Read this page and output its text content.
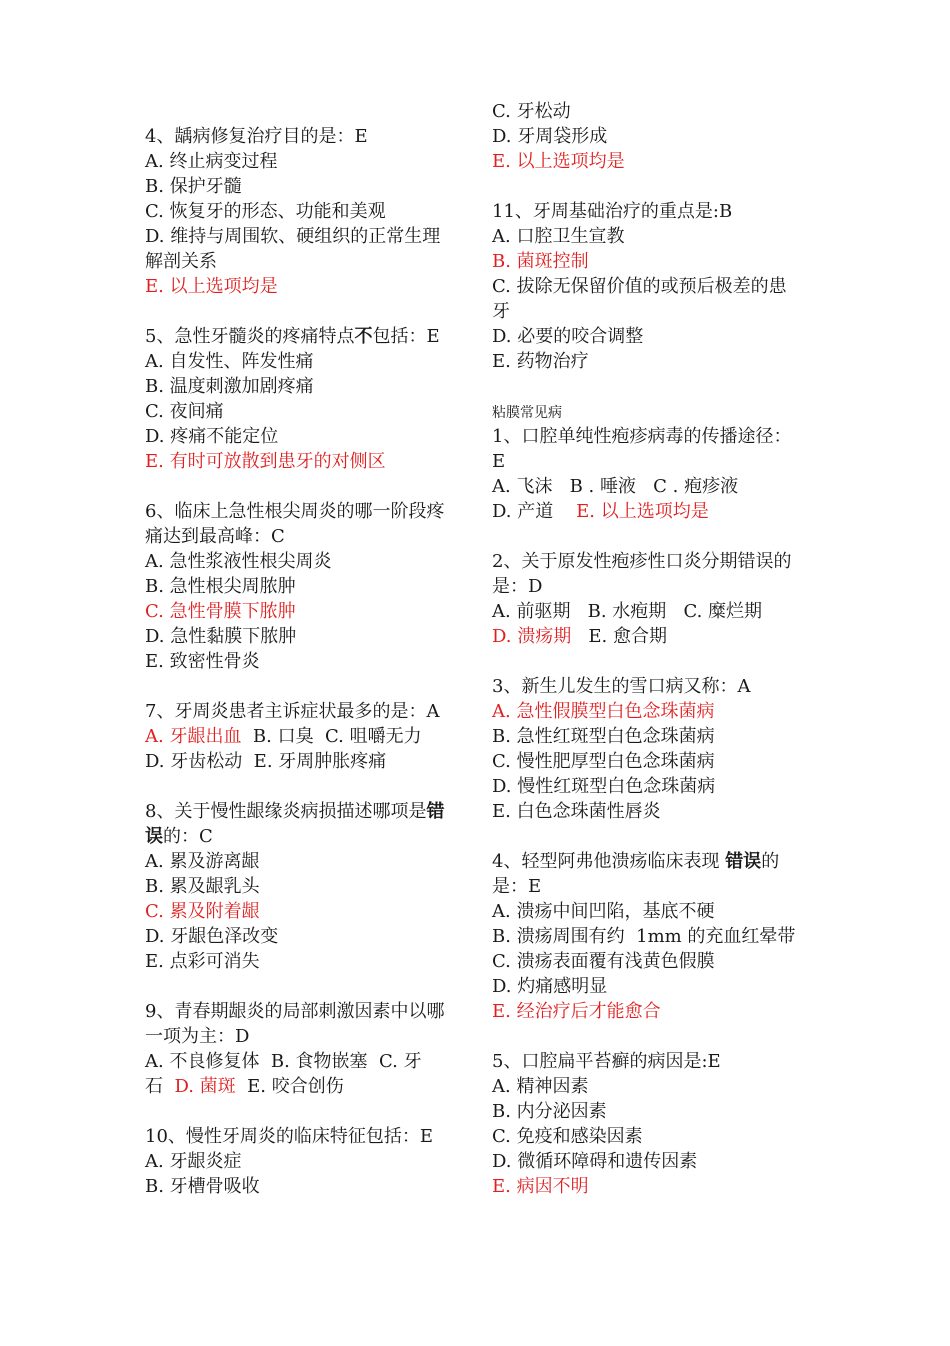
4、龋病修复治疗目的是：E
A. 终止病变过程
B. 保护牙髓
C. 恢复牙的形态、功能和美观
D. 维持与周围软、硬组织的正常生理
解剖关系
E. 以上选项均是
5、急性牙髓炎的疼痛特点不包括：E
A. 自发性、阵发性痛
B. 温度刺激加剧疼痛
C. 夜间痛
D. 疼痛不能定位
E. 有时可放散到患牙的对侧区
6、临床上急性根尖周炎的哪一阶段疼
痛达到最高峰：C
A. 急性浆液性根尖周炎
B. 急性根尖周脓肿
C. 急性骨膜下脓肿
D. 急性黏膜下脓肿
E. 致密性骨炎
7、牙周炎患者主诉症状最多的是：A
A. 牙龈出血 B. 口臭  C. 咀嚼无力
D. 牙齿松动  E. 牙周肿胀疼痛
8、关于慢性龈缘炎病损描述哪项是错
误的：C
A. 累及游离龈
B. 累及龈乳头
C. 累及附着龈
D. 牙龈色泽改变
E. 点彩可消失
9、青春期龈炎的局部刺激因素中以哪
一项为主：D
A. 不良修复体  B. 食物嵌塞  C. 牙
石  D. 菌斑  E. 咬合创伤
10、慢性牙周炎的临床特征包括：E
A. 牙龈炎症
B. 牙槽骨吸收
C. 牙松动
D. 牙周袋形成
E. 以上选项均是
11、牙周基础治疗的重点是:B
A. 口腔卫生宣教
B. 菌斑控制
C. 拔除无保留价值的或预后极差的患
牙
D. 必要的咬合调整
E. 药物治疗
粘膜常见病
1、口腔单纯性疱疹病毒的传播途径：
E
A. 飞沫   B . 唾液   C . 疱疹液
D. 产道    E. 以上选项均是
2、关于原发性疱疹性口炎分期错误的
是：D
A. 前驱期   B. 水疱期   C. 糜烂期
D. 溃疡期   E. 愈合期
3、新生儿发生的雪口病又称：A
A. 急性假膜型白色念珠菌病
B. 急性红斑型白色念珠菌病
C. 慢性肥厚型白色念珠菌病
D. 慢性红斑型白色念珠菌病
E. 白色念珠菌性唇炎
4、轻型阿弗他溃疡临床表现 错误的
是：E
A. 溃疡中间凹陷，基底不硬
B. 溃疡周围有约  1mm 的充血红晕带
C. 溃疡表面覆有浅黄色假膜
D. 灼痛感明显
E. 经治疗后才能愈合
5、口腔扁平苔癣的病因是:E
A. 精神因素
B. 内分泌因素
C. 免疫和感染因素
D. 微循环障碍和遗传因素
E. 病因不明
